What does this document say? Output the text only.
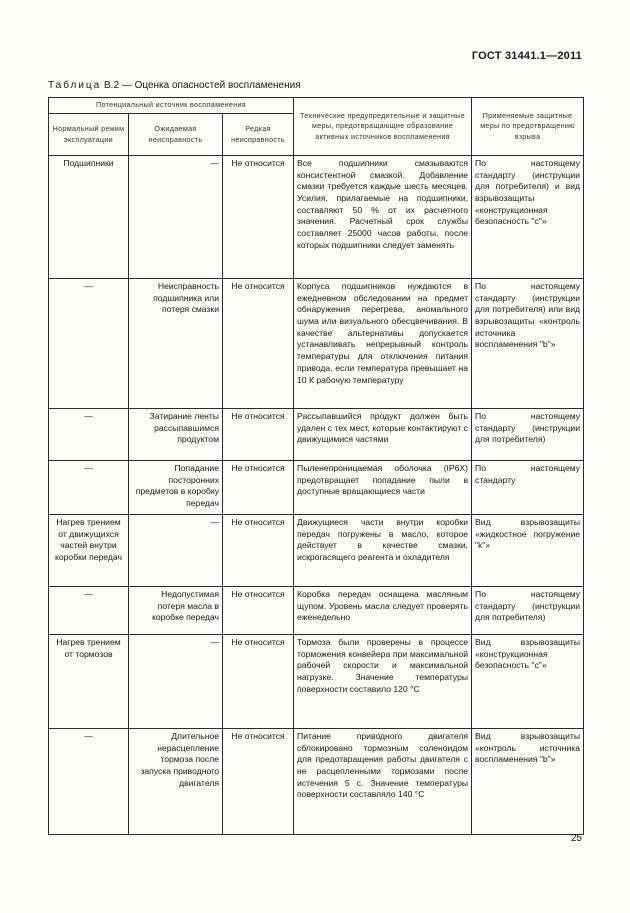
ГОСТ 31441.1—2011
Таблица В.2 — Оценка опасностей воспламенения
Потенциальный источник воспламенения			Технические предупредительные и защитные меры, предотвращающие образование активных источников воспламенения	Применяемые защитные меры по предотвращению взрыва
Нормальный режим эксплуатации	Ожидаемая неисправность	Редкая неисправность		
Подшипники	—	Не относится	Все подшипники смазываются консистентной смазкой. Добавление смазки требуется каждые шесть месяцев. Усилия, прилагаемые на подшипники, составляют 50 % от их расчетного значения. Расчетный срок службы составляет 25000 часов работы, после которых подшипники следует заменять	По настоящему стандарту (инструкции для потребителя) и вид взрывозащиты «конструкционная безопасность "c"»
—	Неисправность подшипника или потеря смазки	Не относится	Корпуса подшипников нуждаются в ежедневном обследовании на предмет обнаружения перегрева, аномального шума или визуального обесцвечивания. В качестве альтернативы допускается устанавливать непрерывный контроль температуры для отключения питания привода, если температура превышает на 10 К рабочую температуру	По настоящему стандарту (инструкции для потребителя) или вид взрывозащиты «контроль источника воспламенения "b"»
—	Затирание ленты рассыпавшимся продуктом	Не относится	Рассыпавшийся продукт должен быть удален с тех мест, которые контактируют с движущимися частями	По настоящему стандарту (инструкции для потребителя)
—	Попадание посторонних предметов в коробку передач	Не относится	Пыленепроницаемая оболочка (IP6X) предотвращает попадание пыли в доступные вращающиеся части	По настоящему стандарту
Нагрев трением от движущихся частей внутри коробки передач	—	Не относится	Движущиеся части внутри коробки передач погружены в масло, которое действует в качестве смазки, искрогасящего реагента и охладителя	Вид взрывозащиты «жидкостное погружение "k"»
—	Недопустимая потеря масла в коробке передач	Не относится	Коробка передач оснащена масляным щупом. Уровень масла следует проверять еженедельно	По настоящему стандарту (инструкции для потребителя)
Нагрев трением от тормозов	—	Не относится	Тормоза были проверены в процессе торможения конвейера при максимальной рабочей скорости и максимальной нагрузке. Значение температуры поверхности составило 120 °С	Вид взрывозащиты «конструкционная безопасность "c"»
—	Длительное нерасцепление тормоза после запуска приводного двигателя	Не относится	Питание приводного двигателя сблокировано тормозным соленоидом для предотвращения работы двигателя с не расцепленными тормозами после истечения 5 с. Значение температуры поверхности составляло 140 °С	Вид взрывозащиты «контроль источника воспламенения "b"»
25
